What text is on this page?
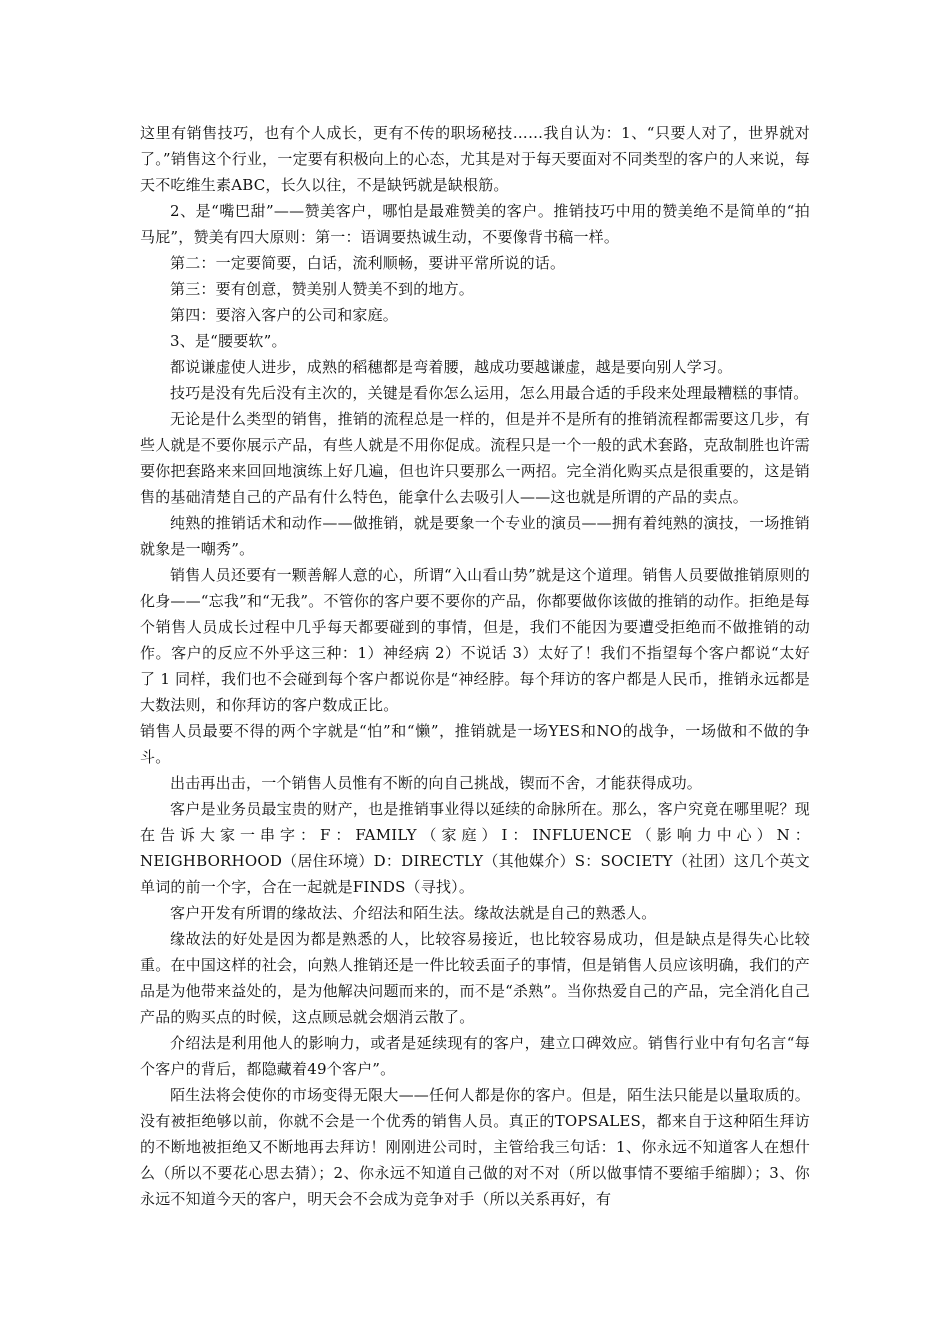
这里有销售技巧，也有个人成长，更有不传的职场秘技……我自认为：1、“只要人对了，世界就对了。”销售这个行业，一定要有积极向上的心态，尤其是对于每天要面对不同类型的客户的人来说，每天不吃维生素ABC，长久以往，不是缺钙就是缺根筋。

2、是“嘴巴甜”——赞美客户，哪怕是最难赞美的客户。推销技巧中用的赞美绝不是简单的“拍马屁”，赞美有四大原则：第一：语调要热诚生动，不要像背书稿一样。

第二：一定要简要，白话，流利顺畅，要讲平常所说的话。

第三：要有创意，赞美别人赞美不到的地方。

第四：要溶入客户的公司和家庭。

3、是“腰要软”。

都说谦虚使人进步，成熟的稻穗都是弯着腰，越成功要越谦虚，越是要向别人学习。

技巧是没有先后没有主次的，关键是看你怎么运用，怎么用最合适的手段来处理最糟糕的事情。

无论是什么类型的销售，推销的流程总是一样的，但是并不是所有的推销流程都需要这几步，有些人就是不要你展示产品，有些人就是不用你促成。流程只是一个一般的武术套路，克敌制胜也许需要你把套路来来回回地演练上好几遍，但也许只要那么一两招。完全消化购买点是很重要的，这是销售的基础清楚自己的产品有什么特色，能拿什么去吸引人——这也就是所谓的产品的卖点。

纯熟的推销话术和动作——做推销，就是要象一个专业的演员——拥有着纯熟的演技，一场推销就象是一嘲秀”。

销售人员还要有一颗善解人意的心，所谓“入山看山势”就是这个道理。销售人员要做推销原则的化身——“忘我”和“无我”。不管你的客户要不要你的产品，你都要做你该做的推销的动作。拒绝是每个销售人员成长过程中几乎每天都要碰到的事情，但是，我们不能因为要遭受拒绝而不做推销的动作。客户的反应不外乎这三种：1）神经病 2）不说话 3）太好了！我们不指望每个客户都说“太好了 1 同样，我们也不会碰到每个客户都说你是“神经脖。每个拜访的客户都是人民币，推销永远都是大数法则，和你拜访的客户数成正比。

销售人员最要不得的两个字就是“怕”和“懒”，推销就是一场YES和NO的战争，一场做和不做的争斗。

出击再出击，一个销售人员惟有不断的向自己挑战，锲而不舍，才能获得成功。

客户是业务员最宝贵的财产，也是推销事业得以延续的命脉所在。那么，客户究竟在哪里呢？现在告诉大家一串字：F：FAMILY（家庭）I：INFLUENCE（影响力中心）N：NEIGHBORHOOD（居住环境）D：DIRECTLY（其他媒介）S：SOCIETY（社团）这几个英文单词的前一个字，合在一起就是FINDS（寻找）。

客户开发有所谓的缘故法、介绍法和陌生法。缘故法就是自己的熟悉人。

缘故法的好处是因为都是熟悉的人，比较容易接近，也比较容易成功，但是缺点是得失心比较重。在中国这样的社会，向熟人推销还是一件比较丢面子的事情，但是销售人员应该明确，我们的产品是为他带来益处的，是为他解决问题而来的，而不是“杀熟”。当你热爱自己的产品，完全消化自己产品的购买点的时候，这点顾忌就会烟消云散了。

介绍法是利用他人的影响力，或者是延续现有的客户，建立口碑效应。销售行业中有句名言“每个客户的背后，都隐藏着49个客户”。

陌生法将会使你的市场变得无限大——任何人都是你的客户。但是，陌生法只能是以量取质的。没有被拒绝够以前，你就不会是一个优秀的销售人员。真正的TOPSALES，都来自于这种陌生拜访的不断地被拒绝又不断地再去拜访！刚刚进公司时，主管给我三句话：1、你永远不知道客人在想什么（所以不要花心思去猜）；2、你永远不知道自己做的对不对（所以做事情不要缩手缩脚）；3、你永远不知道今天的客户，明天会不会成为竞争对手（所以关系再好，有
